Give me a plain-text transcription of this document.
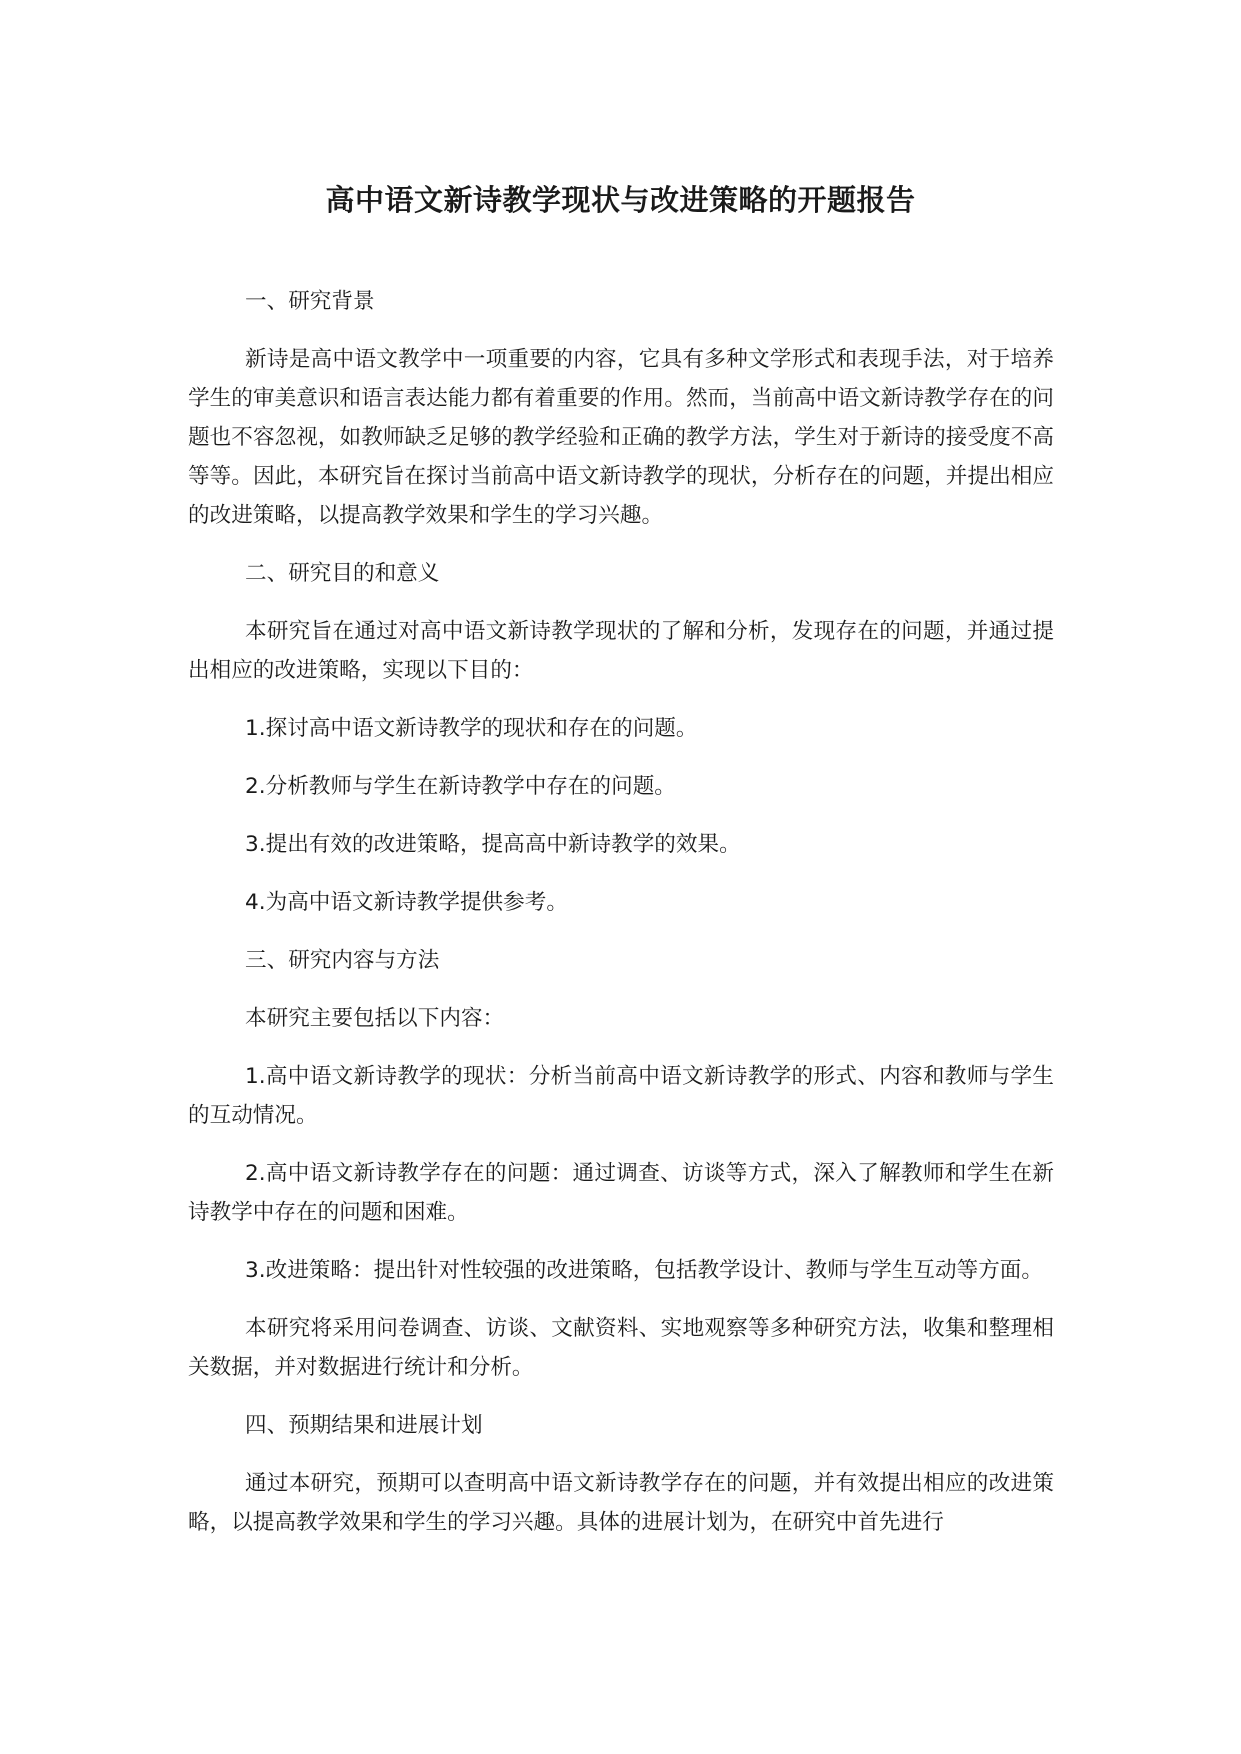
高中语文新诗教学现状与改进策略的开题报告

一、研究背景

新诗是高中语文教学中一项重要的内容，它具有多种文学形式和表现手法，对于培养学生的审美意识和语言表达能力都有着重要的作用。然而，当前高中语文新诗教学存在的问题也不容忽视，如教师缺乏足够的教学经验和正确的教学方法，学生对于新诗的接受度不高等等。因此，本研究旨在探讨当前高中语文新诗教学的现状，分析存在的问题，并提出相应的改进策略，以提高教学效果和学生的学习兴趣。

二、研究目的和意义

本研究旨在通过对高中语文新诗教学现状的了解和分析，发现存在的问题，并通过提出相应的改进策略，实现以下目的：

1.探讨高中语文新诗教学的现状和存在的问题。

2.分析教师与学生在新诗教学中存在的问题。

3.提出有效的改进策略，提高高中新诗教学的效果。

4.为高中语文新诗教学提供参考。

三、研究内容与方法

本研究主要包括以下内容：

1.高中语文新诗教学的现状：分析当前高中语文新诗教学的形式、内容和教师与学生的互动情况。

2.高中语文新诗教学存在的问题：通过调查、访谈等方式，深入了解教师和学生在新诗教学中存在的问题和困难。

3.改进策略：提出针对性较强的改进策略，包括教学设计、教师与学生互动等方面。

本研究将采用问卷调查、访谈、文献资料、实地观察等多种研究方法，收集和整理相关数据，并对数据进行统计和分析。

四、预期结果和进展计划

通过本研究，预期可以查明高中语文新诗教学存在的问题，并有效提出相应的改进策略，以提高教学效果和学生的学习兴趣。具体的进展计划为，在研究中首先进行
